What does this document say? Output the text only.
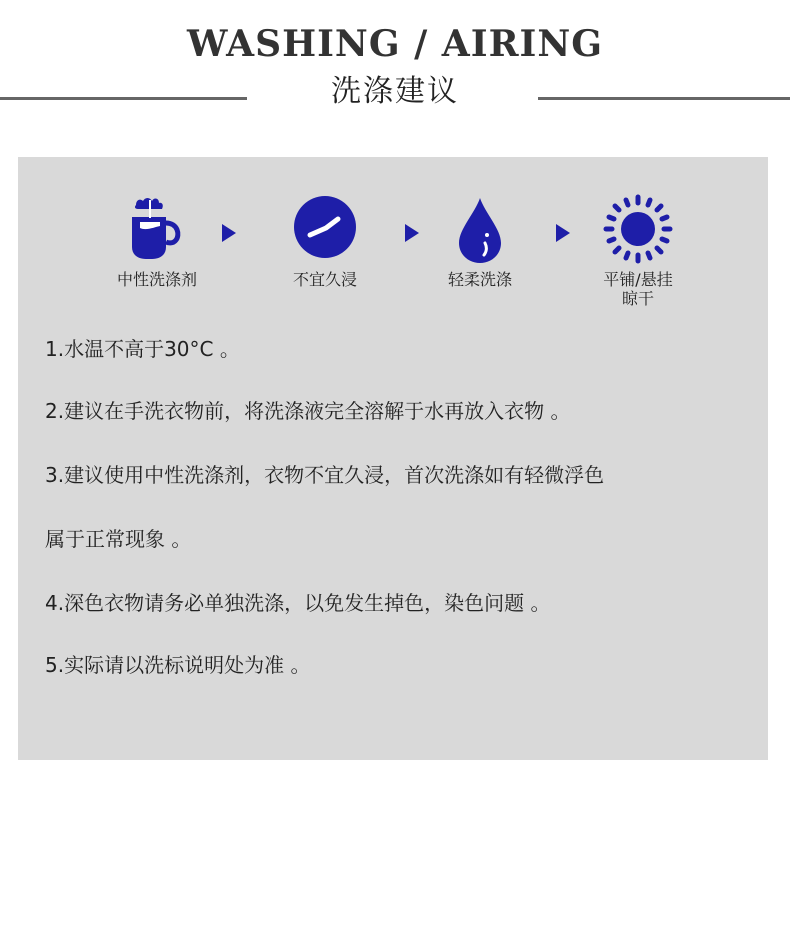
WASHING / AIRING
洗涤建议
中性洗涤剂	不宜久浸	轻柔洗涤	平铺/悬挂
晾干
1.水温不高于30°C 。
2.建议在手洗衣物前，将洗涤液完全溶解于水再放入衣物 。
3.建议使用中性洗涤剂，衣物不宜久浸，首次洗涤如有轻微浮色
属于正常现象 。
4.深色衣物请务必单独洗涤，以免发生掉色，染色问题 。
5.实际请以洗标说明处为准 。
